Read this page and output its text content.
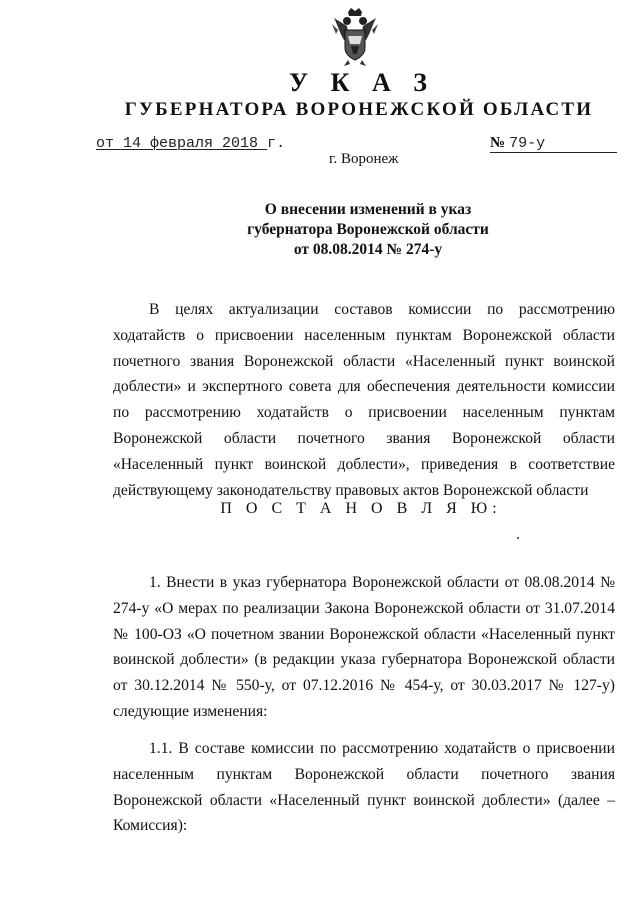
У К А З
ГУБЕРНАТОРА ВОРОНЕЖСКОЙ ОБЛАСТИ
от 14 февраля 2018 г.	№ 79-у
г. Воронеж
О внесении изменений в указ
губернатора Воронежской области
от 08.08.2014 № 274-у

В целях актуализации составов комиссии по рассмотрению ходатайств о присвоении населенным пунктам Воронежской области почетного звания Воронежской области «Населенный пункт воинской доблести» и экспертного совета для обеспечения деятельности комиссии по рассмотрению ходатайств о присвоении населенным пунктам Воронежской области почетного звания Воронежской области «Населенный пункт воинской доблести», приведения в соответствие действующему законодательству правовых актов Воронежской области

П О С Т А Н О В Л Я Ю:

1. Внести в указ губернатора Воронежской области от 08.08.2014 № 274-у «О мерах по реализации Закона Воронежской области от 31.07.2014 № 100-ОЗ «О почетном звании Воронежской области «Населенный пункт воинской доблести» (в редакции указа губернатора Воронежской области от 30.12.2014 № 550-у, от 07.12.2016 № 454-у, от 30.03.2017 № 127-у) следующие изменения:

1.1. В составе комиссии по рассмотрению ходатайств о присвоении населенным пунктам Воронежской области почетного звания Воронежской области «Населенный пункт воинской доблести» (далее – Комиссия):
